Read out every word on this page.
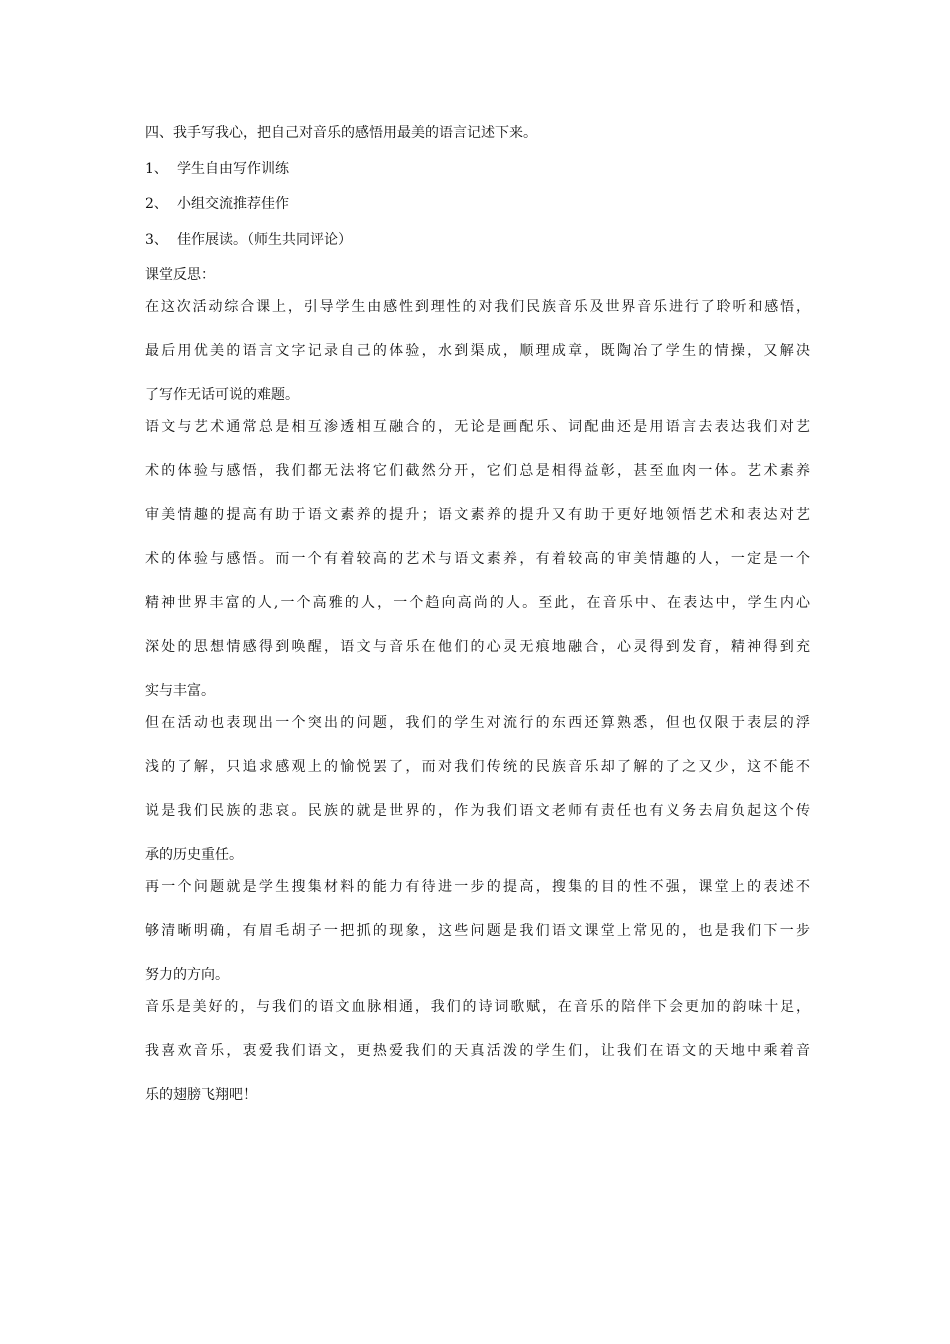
四、我手写我心，把自己对音乐的感悟用最美的语言记述下来。
1、 学生自由写作训练
2、 小组交流推荐佳作
3、 佳作展读。（师生共同评论）
课堂反思：
在这次活动综合课上，引导学生由感性到理性的对我们民族音乐及世界音乐进行了聆听和感悟，
最后用优美的语言文字记录自己的体验，水到渠成，顺理成章，既陶冶了学生的情操，又解决
了写作无话可说的难题。
语文与艺术通常总是相互渗透相互融合的，无论是画配乐、词配曲还是用语言去表达我们对艺
术的体验与感悟，我们都无法将它们截然分开，它们总是相得益彰，甚至血肉一体。艺术素养
审美情趣的提高有助于语文素养的提升；语文素养的提升又有助于更好地领悟艺术和表达对艺
术的体验与感悟。而一个有着较高的艺术与语文素养，有着较高的审美情趣的人，一定是一个
精神世界丰富的人,一个高雅的人，一个趋向高尚的人。至此，在音乐中、在表达中，学生内心
深处的思想情感得到唤醒，语文与音乐在他们的心灵无痕地融合，心灵得到发育，精神得到充
实与丰富。
但在活动也表现出一个突出的问题，我们的学生对流行的东西还算熟悉，但也仅限于表层的浮
浅的了解，只追求感观上的愉悦罢了，而对我们传统的民族音乐却了解的了之又少，这不能不
说是我们民族的悲哀。民族的就是世界的，作为我们语文老师有责任也有义务去肩负起这个传
承的历史重任。
再一个问题就是学生搜集材料的能力有待进一步的提高，搜集的目的性不强，课堂上的表述不
够清晰明确，有眉毛胡子一把抓的现象，这些问题是我们语文课堂上常见的，也是我们下一步
努力的方向。
音乐是美好的，与我们的语文血脉相通，我们的诗词歌赋，在音乐的陪伴下会更加的韵味十足，
我喜欢音乐，衷爱我们语文，更热爱我们的天真活泼的学生们，让我们在语文的天地中乘着音
乐的翅膀飞翔吧！
